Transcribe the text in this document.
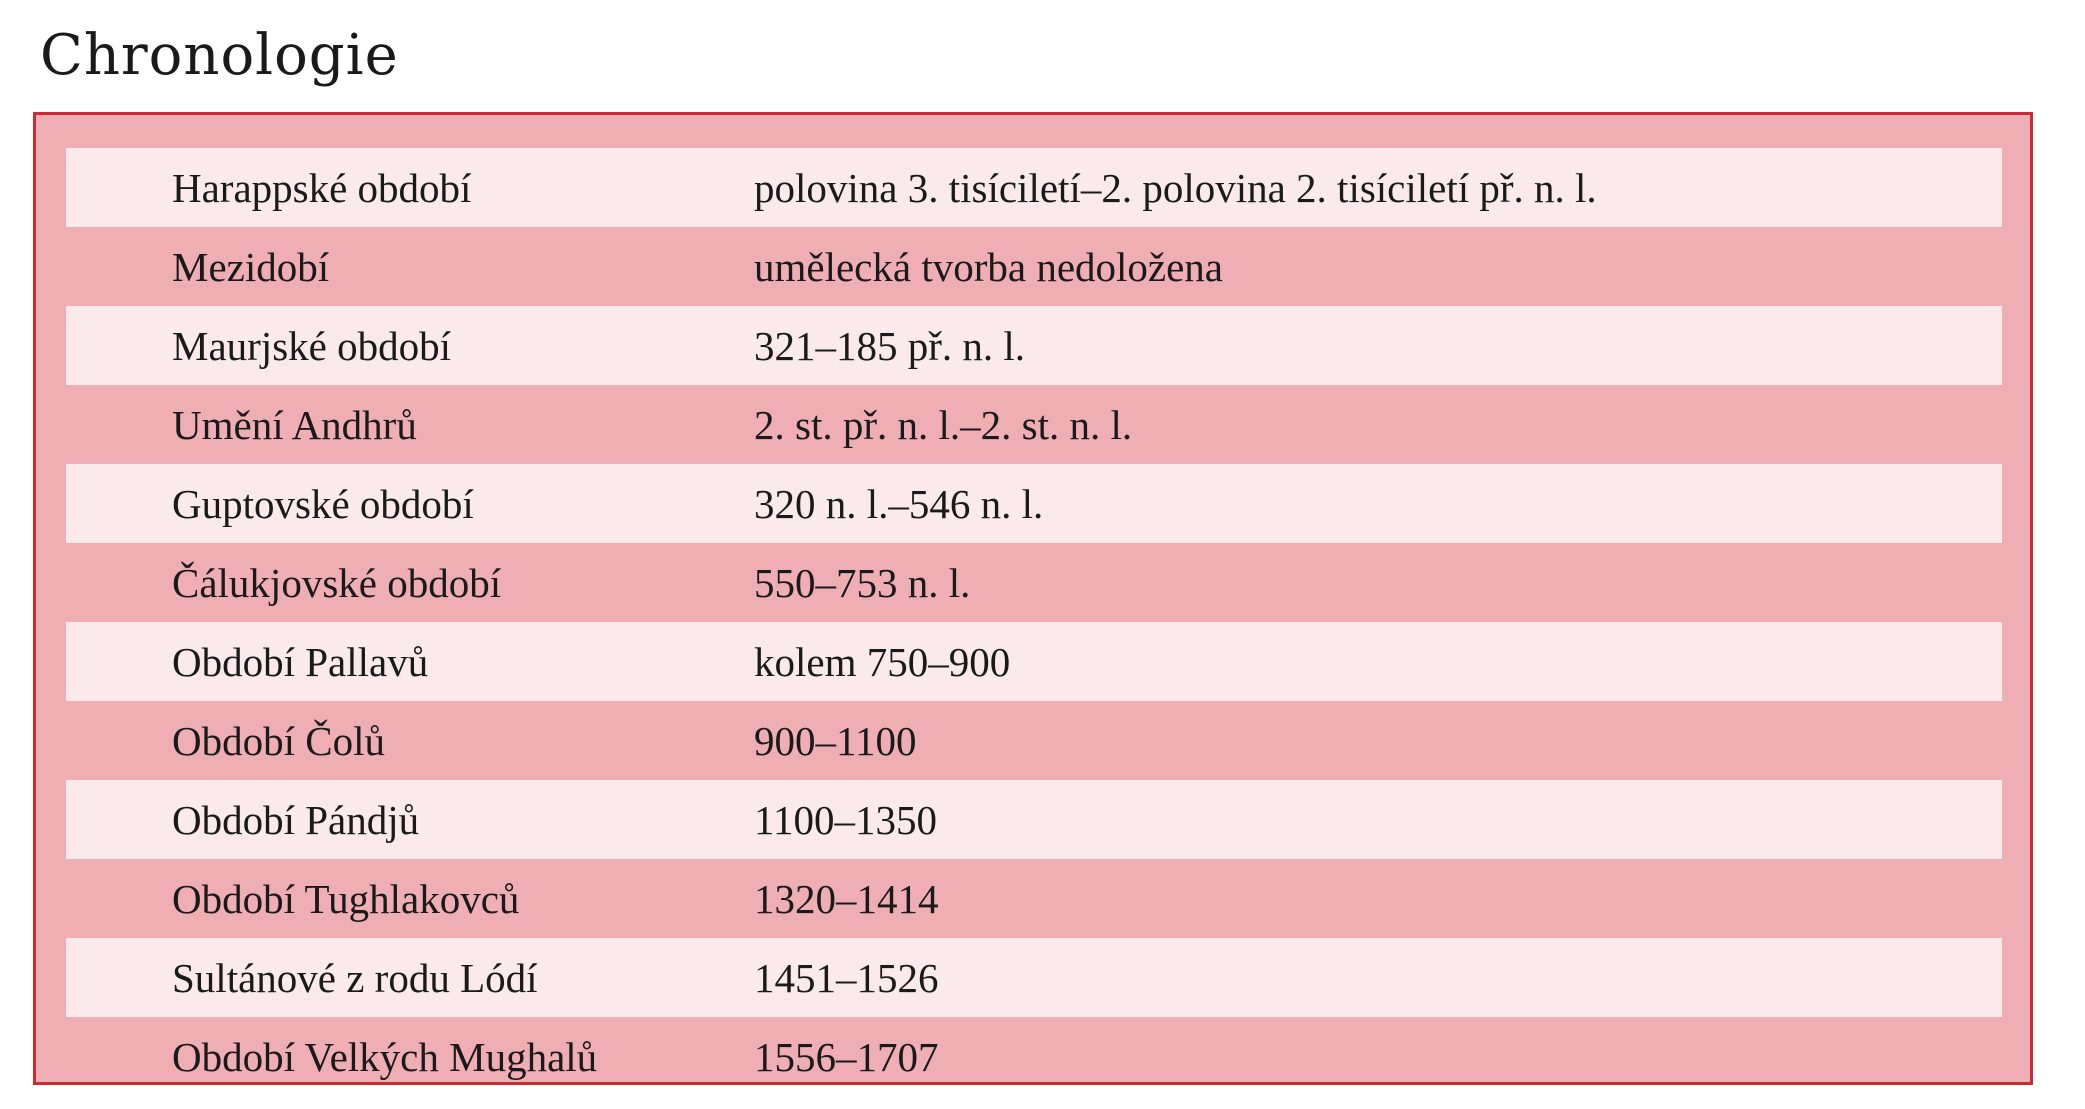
Chronologie
Harappské období	polovina 3. tisíciletí–2. polovina 2. tisíciletí př. n. l.
Mezidobí	umělecká tvorba nedoložena
Maurjské období	321–185 př. n. l.
Umění Andhrů	2. st. př. n. l.–2. st. n. l.
Guptovské období	320 n. l.–546 n. l.
Čálukjovské období	550–753 n. l.
Období Pallavů	kolem 750–900
Období Čolů	900–1100
Období Pándjů	1100–1350
Období Tughlakovců	1320–1414
Sultánové z rodu Lódí	1451–1526
Období Velkých Mughalů	1556–1707
